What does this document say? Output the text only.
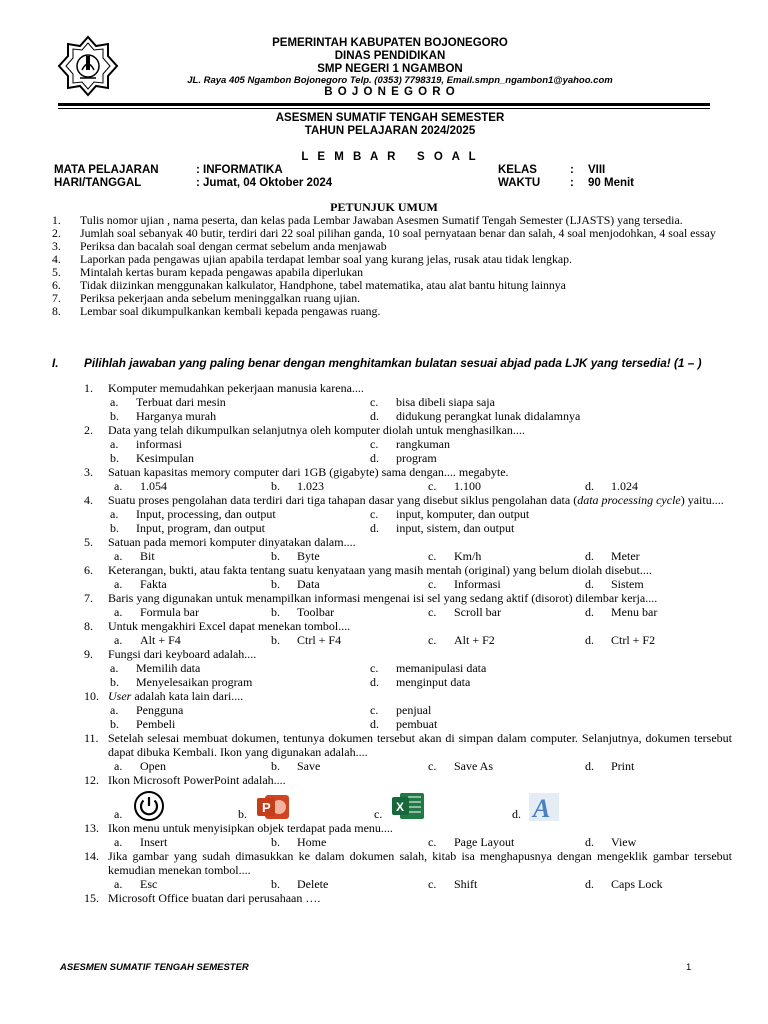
PEMERINTAH KABUPATEN BOJONEGORO
DINAS PENDIDIKAN
SMP NEGERI 1 NGAMBON
JL. Raya 405 Ngambon Bojonegoro Telp. (0353) 7798319, Email.smpn_ngambon1@yahoo.com
B O J O N E G O R O
ASESMEN SUMATIF TENGAH SEMESTER
TAHUN PELAJARAN 2024/2025
L E M B A R   S O A L
MATA PELAJARAN	: INFORMATIKA
HARI/TANGGAL	: Jumat, 04 Oktober 2024
KELAS	: VIII
WAKTU	: 90 Menit
PETUNJUK UMUM
1.	Tulis nomor ujian , nama peserta, dan kelas pada Lembar Jawaban Asesmen Sumatif Tengah Semester (LJASTS) yang tersedia.
2.	Jumlah soal sebanyak 40 butir, terdiri dari 22 soal pilihan ganda, 10 soal pernyataan benar dan salah, 4 soal menjodohkan, 4 soal essay
3.	Periksa dan bacalah soal dengan cermat sebelum anda menjawab
4.	Laporkan pada pengawas ujian apabila terdapat lembar soal yang kurang jelas, rusak atau tidak lengkap.
5.	Mintalah kertas buram kepada pengawas apabila diperlukan
6.	Tidak diizinkan menggunakan kalkulator, Handphone, tabel matematika, atau alat bantu hitung lainnya
7.	Periksa pekerjaan anda sebelum meninggalkan ruang ujian.
8.	Lembar soal dikumpulkankan kembali kepada pengawas ruang.
I.	Pilihlah jawaban yang paling benar dengan menghitamkan bulatan sesuai abjad pada LJK yang tersedia! (1 – )
1.	Komputer memudahkan pekerjaan manusia karena....
a.	Terbuat dari mesin	c.	bisa dibeli siapa saja
b.	Harganya murah	d.	didukung perangkat lunak didalamnya
2.	Data yang telah dikumpulkan selanjutnya oleh komputer diolah untuk menghasilkan....
a.	informasi	c.	rangkuman
b.	Kesimpulan	d.	program
3.	Satuan kapasitas memory computer dari 1GB (gigabyte) sama dengan.... megabyte.
a.	1.054	b.	1.023	c.	1.100	d.	1.024
4.	Suatu proses pengolahan data terdiri dari tiga tahapan dasar yang disebut siklus pengolahan data (data processing cycle) yaitu....
a.	Input, processing, dan output	c.	input, komputer, dan output
b.	Input, program, dan output	d.	input, sistem, dan output
5.	Satuan pada memori komputer dinyatakan dalam....
a.	Bit	b.	Byte	c.	Km/h	d.	Meter
6.	Keterangan, bukti, atau fakta tentang suatu kenyataan yang masih mentah (original) yang belum diolah disebut....
a.	Fakta	b.	Data	c.	Informasi	d.	Sistem
7.	Baris yang digunakan untuk menampilkan informasi mengenai isi sel yang sedang aktif (disorot) dilembar kerja....
a.	Formula bar	b.	Toolbar	c.	Scroll bar	d.	Menu bar
8.	Untuk mengakhiri Excel dapat menekan tombol....
a.	Alt + F4	b.	Ctrl + F4	c.	Alt + F2	d.	Ctrl + F2
9.	Fungsi dari keyboard adalah....
a.	Memilih data	c.	memanipulasi data
b.	Menyelesaikan program	d.	menginput data
10. User adalah kata lain dari....
a.	Pengguna	c.	penjual
b.	Pembeli	d.	pembuat
11. Setelah selesai membuat dokumen, tentunya dokumen tersebut akan di simpan dalam computer. Selanjutnya, dokumen tersebut dapat dibuka Kembali. Ikon yang digunakan adalah....
a.	Open	b.	Save	c.	Save As	d.	Print
12. Ikon Microsoft PowerPoint adalah....
a.	b. P	c. X	d. A
13. Ikon menu untuk menyisipkan objek terdapat pada menu....
a.	Insert	b.	Home	c.	Page Layout	d.	View
14. Jika gambar yang sudah dimasukkan ke dalam dokumen salah, kitab isa menghapusnya dengan mengeklik gambar tersebut kemudian menekan tombol....
a.	Esc	b.	Delete	c.	Shift	d.	Caps Lock
15. Microsoft Office buatan dari perusahaan ….
ASESMEN SUMATIF TENGAH SEMESTER	1
